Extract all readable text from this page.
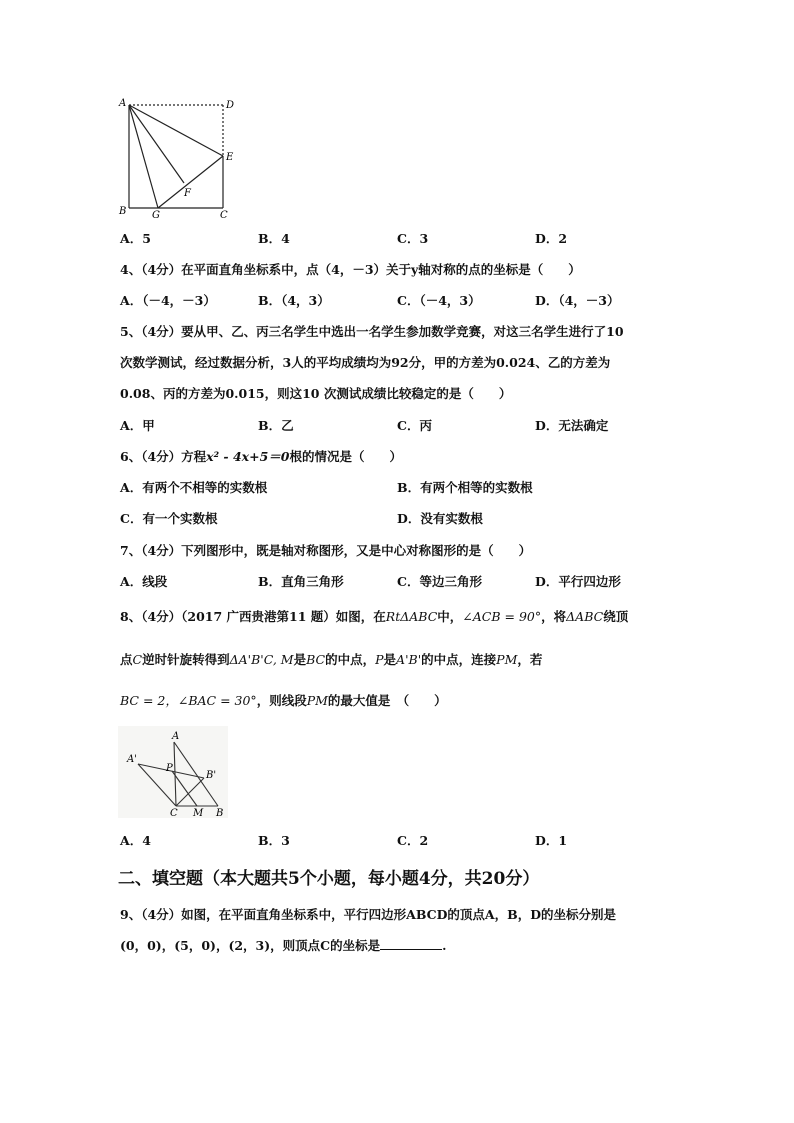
A	D
E
F
B	G	C
A．5	B．4	C．3	D．2
4、（4分）在平面直角坐标系中，点（4，－3）关于y轴对称的点的坐标是（　　）
A．（－4，－3）	B．（4，3）	C．（－4，3）	D．（4，－3）
5、（4分）要从甲、乙、丙三名学生中选出一名学生参加数学竞赛，对这三名学生进行了10
次数学测试，经过数据分析，3人的平均成绩均为92分，甲的方差为0.024、乙的方差为
0.08、丙的方差为0.015，则这10 次测试成绩比较稳定的是（　　）
A．甲	B．乙	C．丙	D．无法确定
6、（4分）方程x² - 4x+5＝0根的情况是（　　）
A．有两个不相等的实数根	B．有两个相等的实数根
C．有一个实数根	D．没有实数根
7、（4分）下列图形中，既是轴对称图形，又是中心对称图形的是（　　）
A．线段	B．直角三角形	C．等边三角形	D．平行四边形
8、（4分）（2017 广西贵港第11 题）如图，在RtΔABC中，∠ACB = 90°，将ΔABC绕顶
点C逆时针旋转得到ΔA'B'C, M是BC的中点，P是A'B'的中点，连接PM，若
BC = 2，∠BAC = 30°，则线段PM的最大值是　（　　）
A'
A
P
B'
C M B
A．4	B．3	C．2	D．1
二、填空题（本大题共5个小题，每小题4分，共20分）
9、（4分）如图，在平面直角坐标系中，平行四边形ABCD的顶点A，B，D的坐标分别是
(0，0)，(5，0)，(2，3)，则顶点C的坐标是	.
